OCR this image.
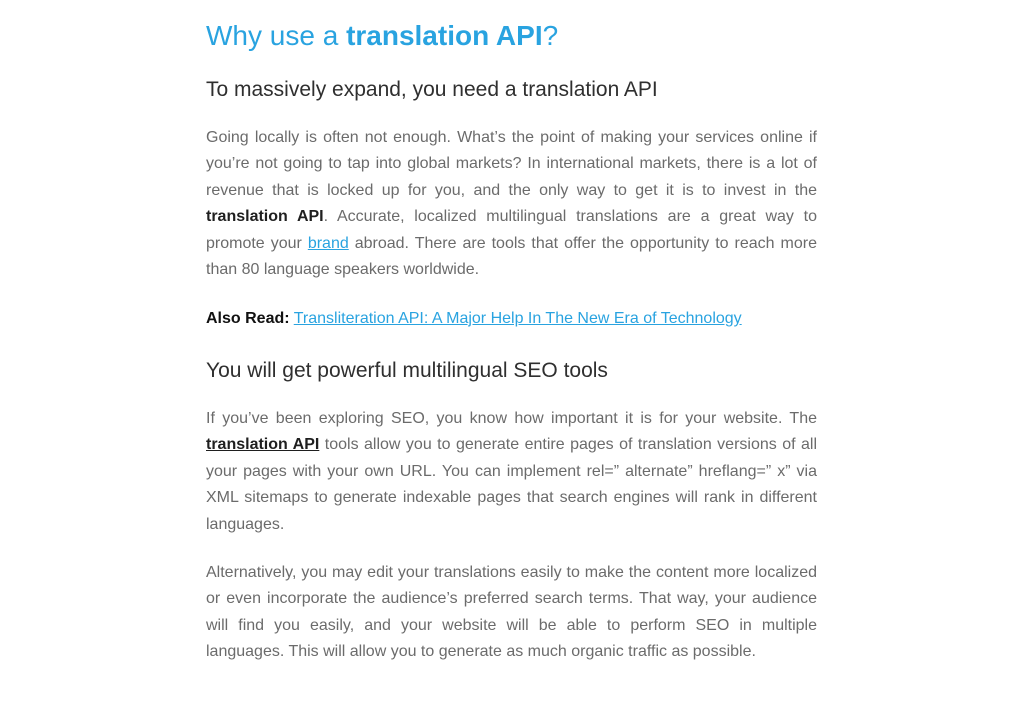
Why use a translation API?
To massively expand, you need a translation API

Going locally is often not enough. What’s the point of making your services online if you’re not going to tap into global markets? In international markets, there is a lot of revenue that is locked up for you, and the only way to get it is to invest in the translation API. Accurate, localized multilingual translations are a great way to promote your brand abroad. There are tools that offer the opportunity to reach more than 80 language speakers worldwide.

Also Read: Transliteration API: A Major Help In The New Era of Technology

You will get powerful multilingual SEO tools

If you’ve been exploring SEO, you know how important it is for your website. The translation API tools allow you to generate entire pages of translation versions of all your pages with your own URL. You can implement rel=” alternate” hreflang=” x” via XML sitemaps to generate indexable pages that search engines will rank in different languages.

Alternatively, you may edit your translations easily to make the content more localized or even incorporate the audience’s preferred search terms. That way, your audience will find you easily, and your website will be able to perform SEO in multiple languages. This will allow you to generate as much organic traffic as possible.
